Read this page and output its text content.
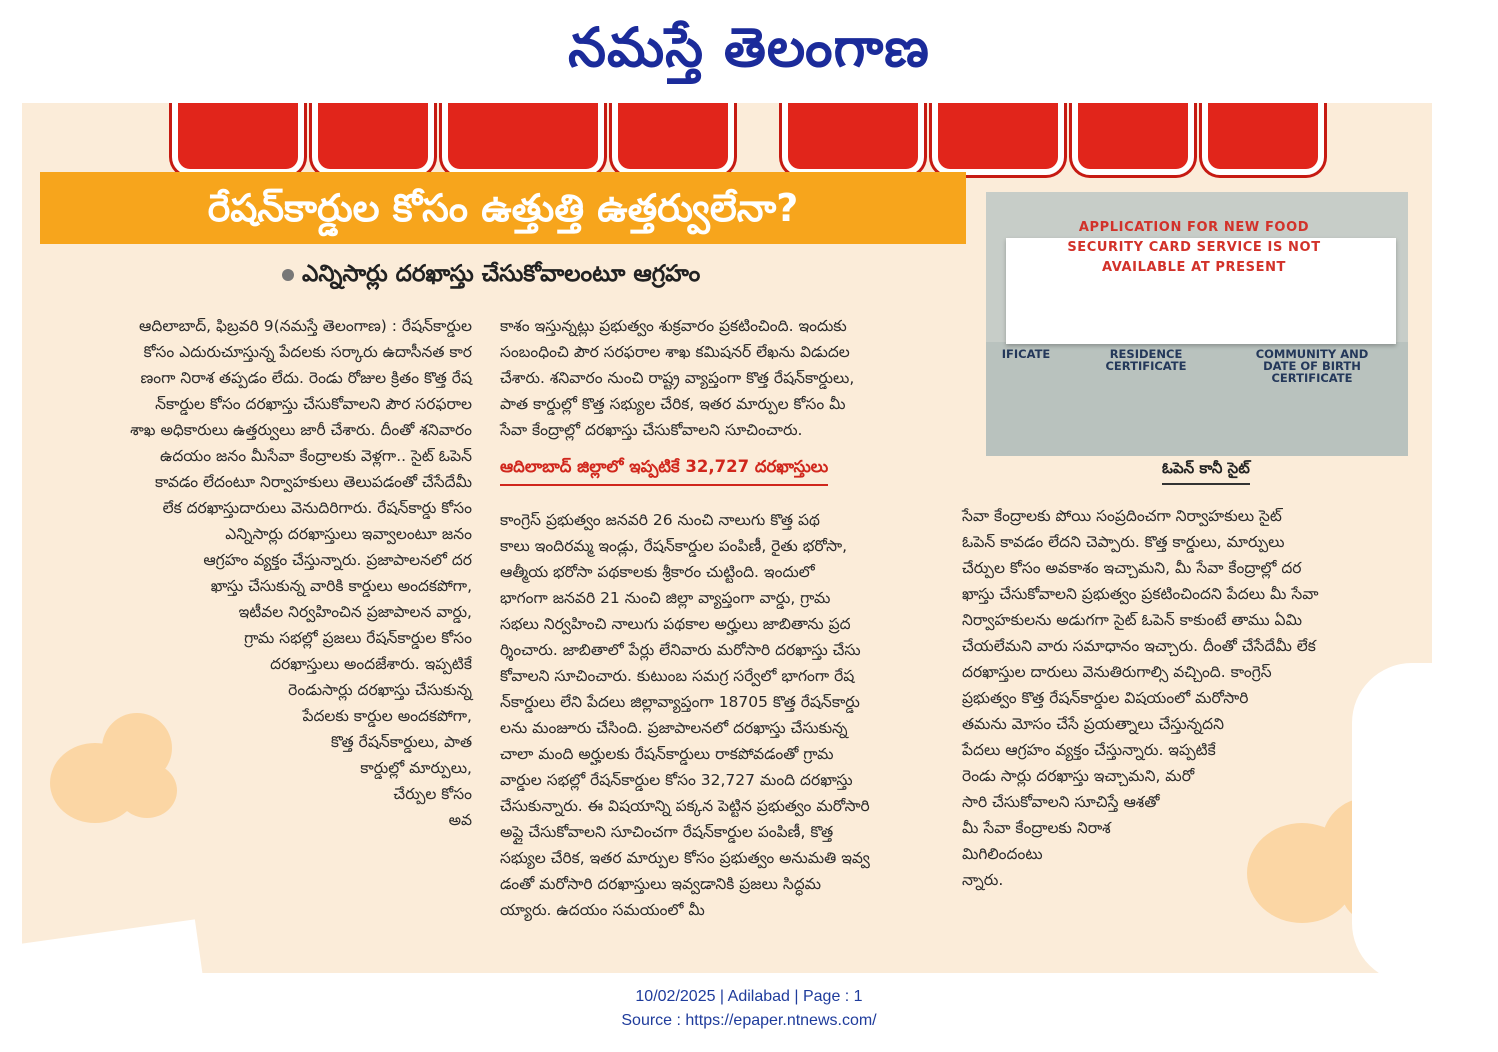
నమస్తే తెలంగాణ
రేషన్‌కార్డుల కోసం ఉత్తుత్తి ఉత్తర్వులేనా?
ఎన్నిసార్లు దరఖాస్తు చేసుకోవాలంటూ ఆగ్రహం

ఆదిలాబాద్, ఫిబ్రవరి 9(నమస్తే తెలంగాణ) : రేషన్‌కార్డుల

కోసం ఎదురుచూస్తున్న పేదలకు సర్కారు ఉదాసీనత కార

ణంగా నిరాశ తప్పడం లేదు. రెండు రోజుల క్రితం కొత్త రేష

న్‌కార్డుల కోసం దరఖాస్తు చేసుకోవాలని పౌర సరఫరాల

శాఖ అధికారులు ఉత్తర్వులు జారీ చేశారు. దీంతో శనివారం

ఉదయం జనం మీసేవా కేంద్రాలకు వెళ్లగా.. సైట్ ఓపెన్

కావడం లేదంటూ నిర్వాహకులు తెలుపడంతో చేసేదేమీ

లేక దరఖాస్తుదారులు వెనుదిరిగారు. రేషన్‌కార్డు కోసం

ఎన్నిసార్లు దరఖాస్తులు ఇవ్వాలంటూ జనం

ఆగ్రహం వ్యక్తం చేస్తున్నారు. ప్రజాపాలనలో దర

ఖాస్తు చేసుకున్న వారికి కార్డులు అందకపోగా,

ఇటీవల నిర్వహించిన ప్రజాపాలన వార్డు,

గ్రామ సభల్లో ప్రజలు రేషన్‌కార్డుల కోసం

దరఖాస్తులు అందజేశారు. ఇప్పటికే

రెండుసార్లు దరఖాస్తు చేసుకున్న

పేదలకు కార్డుల అందకపోగా,

కొత్త రేషన్‌కార్డులు, పాత

కార్డుల్లో మార్పులు,

చేర్పుల కోసం

అవ

కాశం ఇస్తున్నట్లు ప్రభుత్వం శుక్రవారం ప్రకటించింది. ఇందుకు

సంబంధించి పౌర సరఫరాల శాఖ కమిషనర్ లేఖను విడుదల

చేశారు. శనివారం నుంచి రాష్ట్ర వ్యాప్తంగా కొత్త రేషన్‌కార్డులు,

పాత కార్డుల్లో కొత్త సభ్యుల చేరిక, ఇతర మార్పుల కోసం మీ

సేవా కేంద్రాల్లో దరఖాస్తు చేసుకోవాలని సూచించారు.

ఆదిలాబాద్ జిల్లాలో ఇప్పటికే 32,727 దరఖాస్తులు

కాంగ్రెస్ ప్రభుత్వం జనవరి 26 నుంచి నాలుగు కొత్త పథ

కాలు ఇందిరమ్మ ఇండ్లు, రేషన్‌కార్డుల పంపిణీ, రైతు భరోసా,

ఆత్మీయ భరోసా పథకాలకు శ్రీకారం చుట్టింది. ఇందులో

భాగంగా జనవరి 21 నుంచి జిల్లా వ్యాప్తంగా వార్డు, గ్రామ

సభలు నిర్వహించి నాలుగు పథకాల అర్హులు జాబితాను ప్రద

ర్శించారు. జాబితాలో పేర్లు లేనివారు మరోసారి దరఖాస్తు చేసు

కోవాలని సూచించారు. కుటుంబ సమగ్ర సర్వేలో భాగంగా రేష

న్‌కార్డులు లేని పేదలు జిల్లావ్యాప్తంగా 18705 కొత్త రేషన్‌కార్డు

లను మంజూరు చేసింది. ప్రజాపాలనలో దరఖాస్తు చేసుకున్న

చాలా మంది అర్హులకు రేషన్‌కార్డులు రాకపోవడంతో గ్రామ

వార్డుల సభల్లో రేషన్‌కార్డుల కోసం 32,727 మంది దరఖాస్తు

చేసుకున్నారు. ఈ విషయాన్ని పక్కన పెట్టిన ప్రభుత్వం మరోసారి

అప్లై చేసుకోవాలని సూచించగా రేషన్‌కార్డుల పంపిణీ, కొత్త

సభ్యుల చేరిక, ఇతర మార్పుల కోసం ప్రభుత్వం అనుమతి ఇవ్వ

డంతో మరోసారి దరఖాస్తులు ఇవ్వడానికి ప్రజలు సిద్ధమ

య్యారు. ఉదయం సమయంలో మీ

APPLICATION FOR NEW FOOD
SECURITY CARD SERVICE IS NOT
AVAILABLE AT PRESENT
IFICATE	RESIDENCE
CERTIFICATE
COMMUNITY AND
DATE OF BIRTH
CERTIFICATE
ఓపెన్ కానీ సైట్

సేవా కేంద్రాలకు పోయి సంప్రదించగా నిర్వాహకులు సైట్

ఓపెన్ కావడం లేదని చెప్పారు. కొత్త కార్డులు, మార్పులు

చేర్పుల కోసం అవకాశం ఇచ్చామని, మీ సేవా కేంద్రాల్లో దర

ఖాస్తు చేసుకోవాలని ప్రభుత్వం ప్రకటించిందని పేదలు మీ సేవా

నిర్వాహకులను అడుగగా సైట్ ఓపెన్ కాకుంటే తాము ఏమి

చేయలేమని వారు సమాధానం ఇచ్చారు. దీంతో చేసేదేమీ లేక

దరఖాస్తుల దారులు వెనుతిరుగాల్సి వచ్చింది. కాంగ్రెస్

ప్రభుత్వం కొత్త రేషన్‌కార్డుల విషయంలో మరోసారి

తమను మోసం చేసే ప్రయత్నాలు చేస్తున్నదని

పేదలు ఆగ్రహం వ్యక్తం చేస్తున్నారు. ఇప్పటికే

రెండు సార్లు దరఖాస్తు ఇచ్చామని, మరో

సారి చేసుకోవాలని సూచిస్తే ఆశతో

మీ సేవా కేంద్రాలకు నిరాశ

మిగిలిందంటు

న్నారు.

10/02/2025 | Adilabad | Page : 1
Source : https://epaper.ntnews.com/
